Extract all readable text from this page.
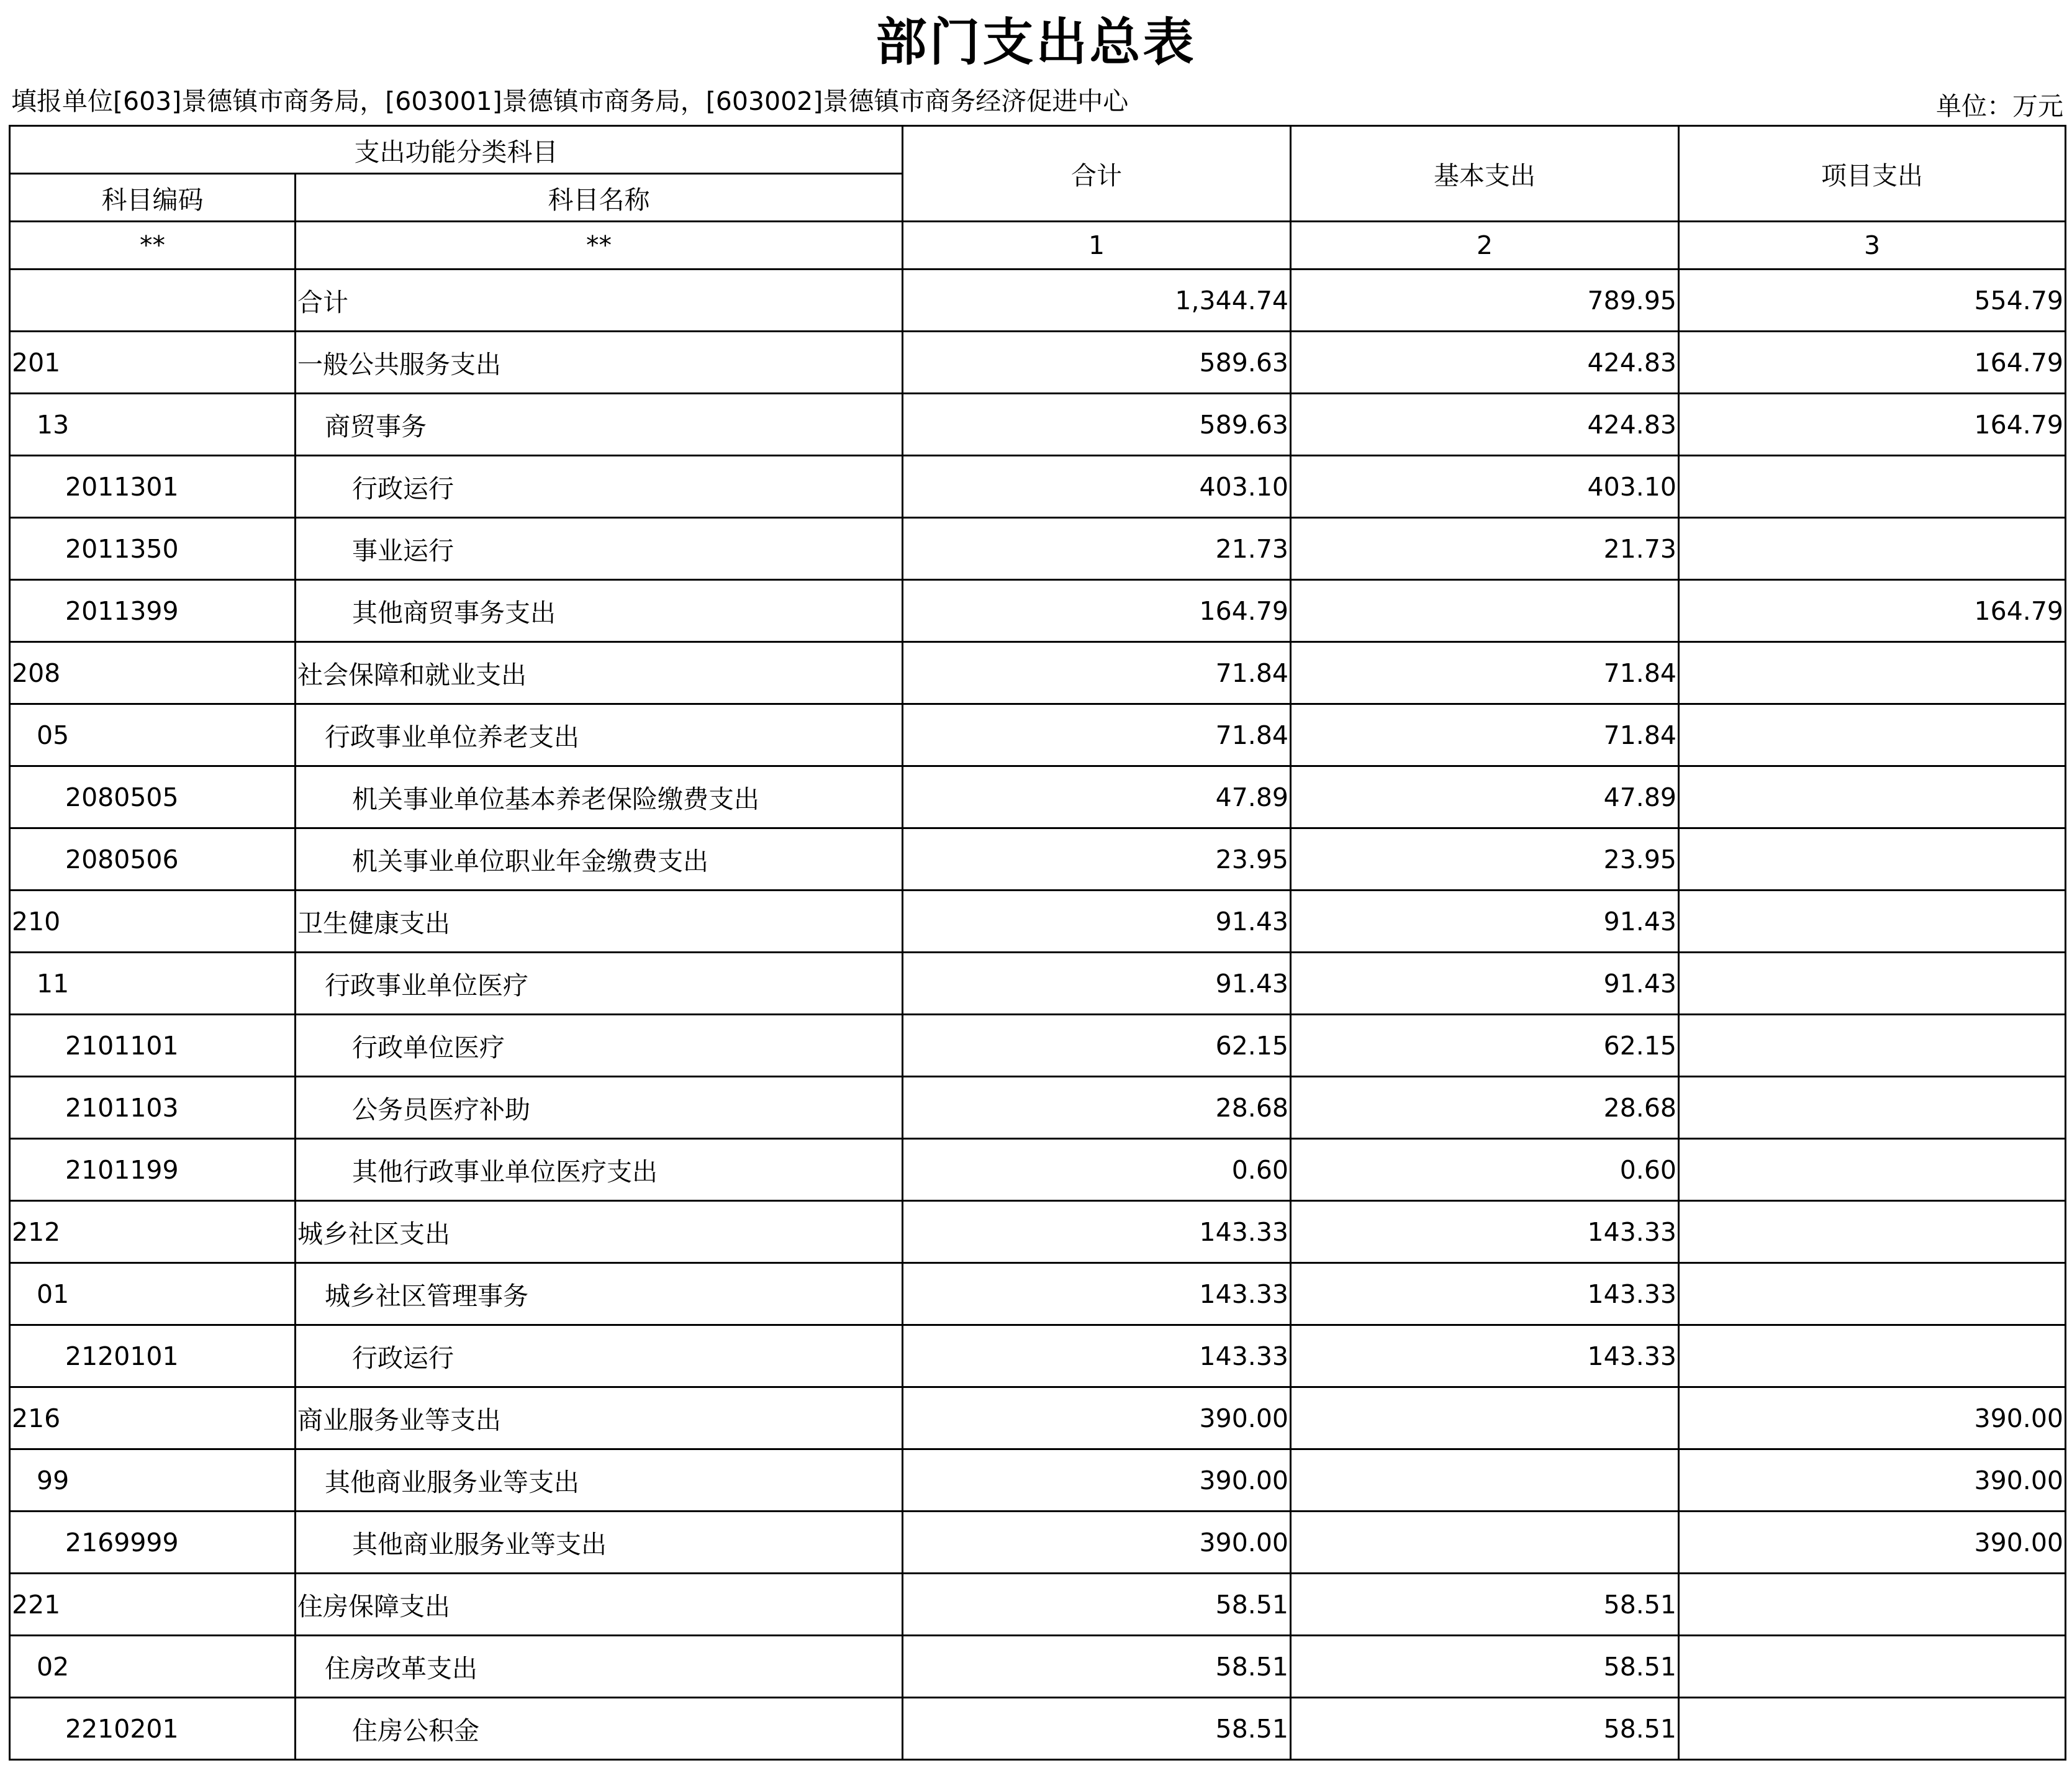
部门支出总表
填报单位[603]景德镇市商务局，[603001]景德镇市商务局，[603002]景德镇市商务经济促进中心	单位：万元
支出功能分类科目		合计	基本支出	项目支出
科目编码	科目名称			
**	**	1	2	3
	合计	1,344.74	789.95	554.79
201	一般公共服务支出	589.63	424.83	164.79
13	商贸事务	589.63	424.83	164.79
2011301	行政运行	403.10	403.10	
2011350	事业运行	21.73	21.73	
2011399	其他商贸事务支出	164.79		164.79
208	社会保障和就业支出	71.84	71.84	
05	行政事业单位养老支出	71.84	71.84	
2080505	机关事业单位基本养老保险缴费支出	47.89	47.89	
2080506	机关事业单位职业年金缴费支出	23.95	23.95	
210	卫生健康支出	91.43	91.43	
11	行政事业单位医疗	91.43	91.43	
2101101	行政单位医疗	62.15	62.15	
2101103	公务员医疗补助	28.68	28.68	
2101199	其他行政事业单位医疗支出	0.60	0.60	
212	城乡社区支出	143.33	143.33	
01	城乡社区管理事务	143.33	143.33	
2120101	行政运行	143.33	143.33	
216	商业服务业等支出	390.00		390.00
99	其他商业服务业等支出	390.00		390.00
2169999	其他商业服务业等支出	390.00		390.00
221	住房保障支出	58.51	58.51	
02	住房改革支出	58.51	58.51	
2210201	住房公积金	58.51	58.51	
